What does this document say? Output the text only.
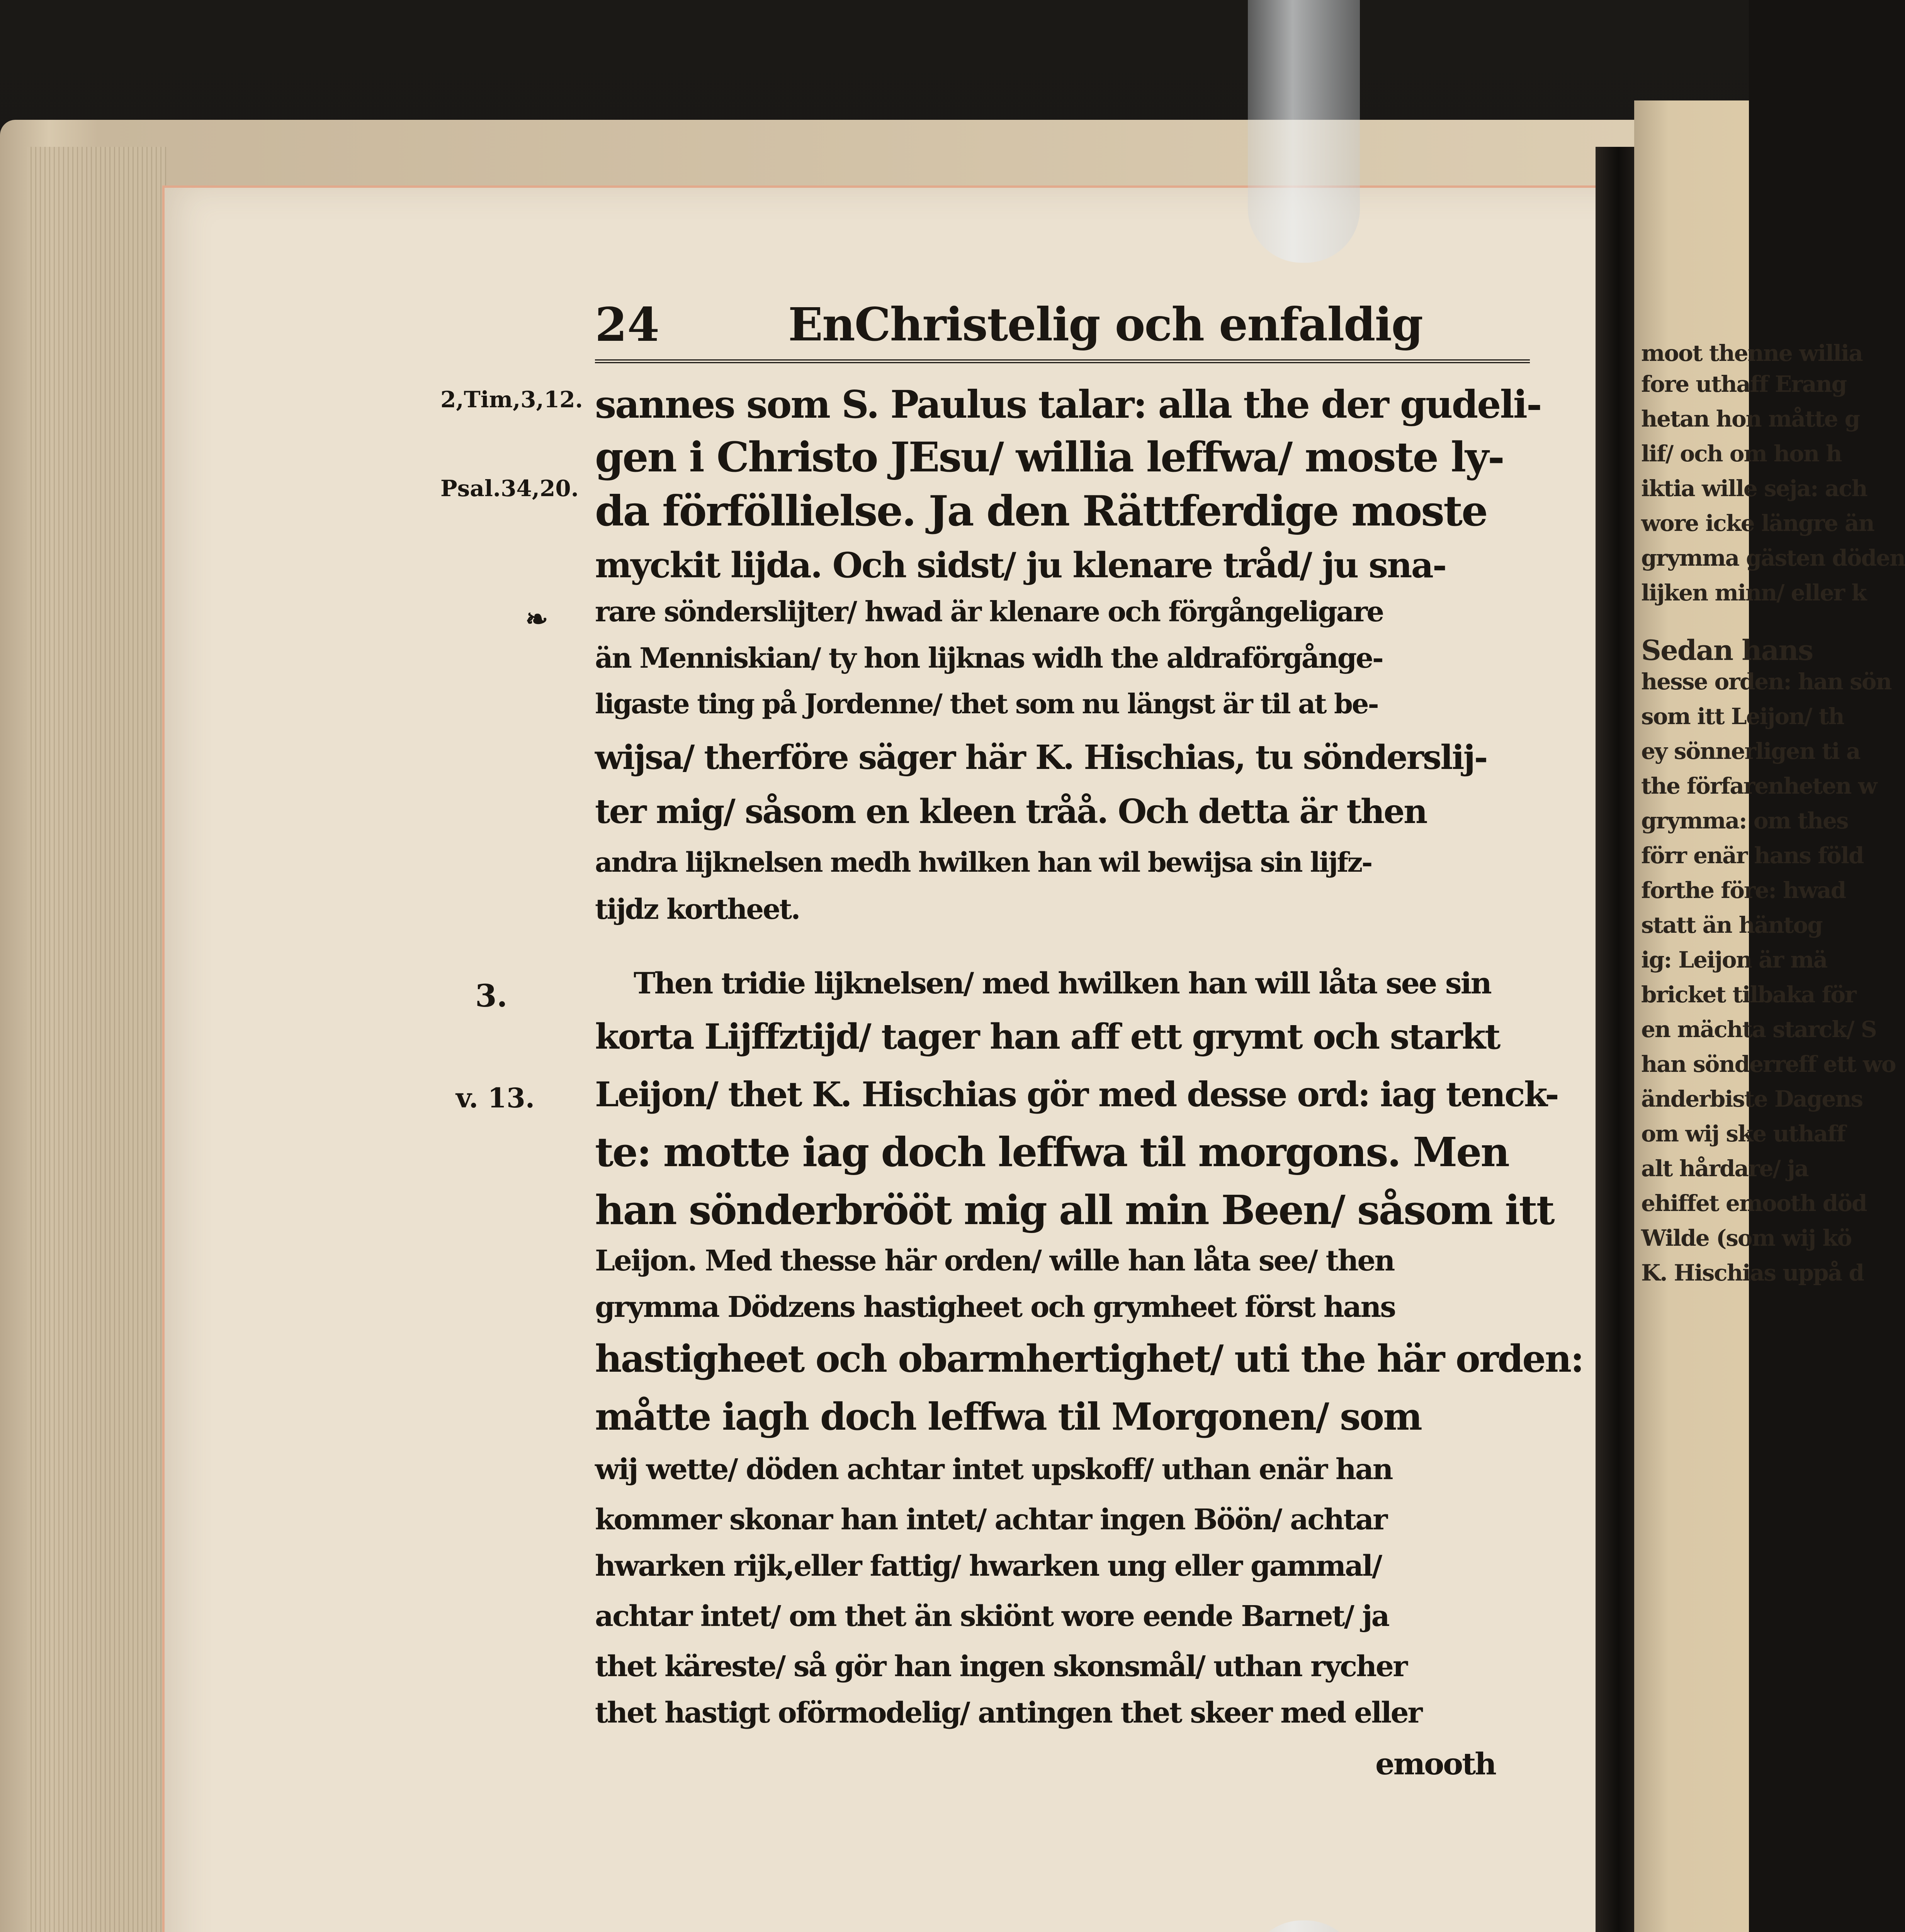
moot thenne willia
fore uthaff Erang
hetan hon måtte g
lif/ och om hon h
iktia wille seja: ach
wore icke längre än
grymma gästen döden
lijken minn/ eller k
Sedan hans
hesse orden: han sön
som itt Leijon/ th
ey sönnerligen ti a
the förfarenheten w
grymma: om thes
förr enär hans föld
forthe före: hwad
statt än häntog
ig: Leijon är mä
bricket tilbaka för
en mächta starck/ S
han sönderreff ett wo
änderbiste Dagens
om wij ske uthaff
alt hårdare/ ja
ehiffet emooth död
Wilde (som wij kö
K. Hischias uppå d
24	EnChristelig och enfaldig
2,Tim,3,12.
Psal.34,20.
3.
v. 13.
❧
sannes som S. Paulus talar: alla the der gudeli-
gen i Christo JEsu/ willia leffwa/ moste ly-
da förföllielse. Ja den Rättferdige moste
myckit lijda. Och sidst/ ju klenare tråd/ ju sna-
rare sönderslijter/ hwad är klenare och förgångeligare
än Menniskian/ ty hon lijknas widh the aldraförgånge-
ligaste ting på Jordenne/ thet som nu längst är til at be-
wijsa/ therföre säger här K. Hischias, tu sönderslij-
ter mig/ såsom en kleen tråå. Och detta är then
andra lijknelsen medh hwilken han wil bewijsa sin lijfz-
tijdz kortheet.
Then tridie lijknelsen/ med hwilken han will låta see sin
korta Lijffztijd/ tager han aff ett grymt och starkt
Leijon/ thet K. Hischias gör med desse ord: iag tenck-
te: motte iag doch leffwa til morgons. Men
han sönderbrööt mig all min Been/ såsom itt
Leijon. Med thesse här orden/ wille han låta see/ then
grymma Dödzens hastigheet och grymheet först hans
hastigheet och obarmhertighet/ uti the här orden:
måtte iagh doch leffwa til Morgonen/ som
wij wette/ döden achtar intet upskoff/ uthan enär han
kommer skonar han intet/ achtar ingen Böön/ achtar
hwarken rijk,eller fattig/ hwarken ung eller gammal/
achtar intet/ om thet än skiönt wore eende Barnet/ ja
thet käreste/ så gör han ingen skonsmål/ uthan rycher
thet hastigt oförmodelig/ antingen thet skeer med eller
emooth
